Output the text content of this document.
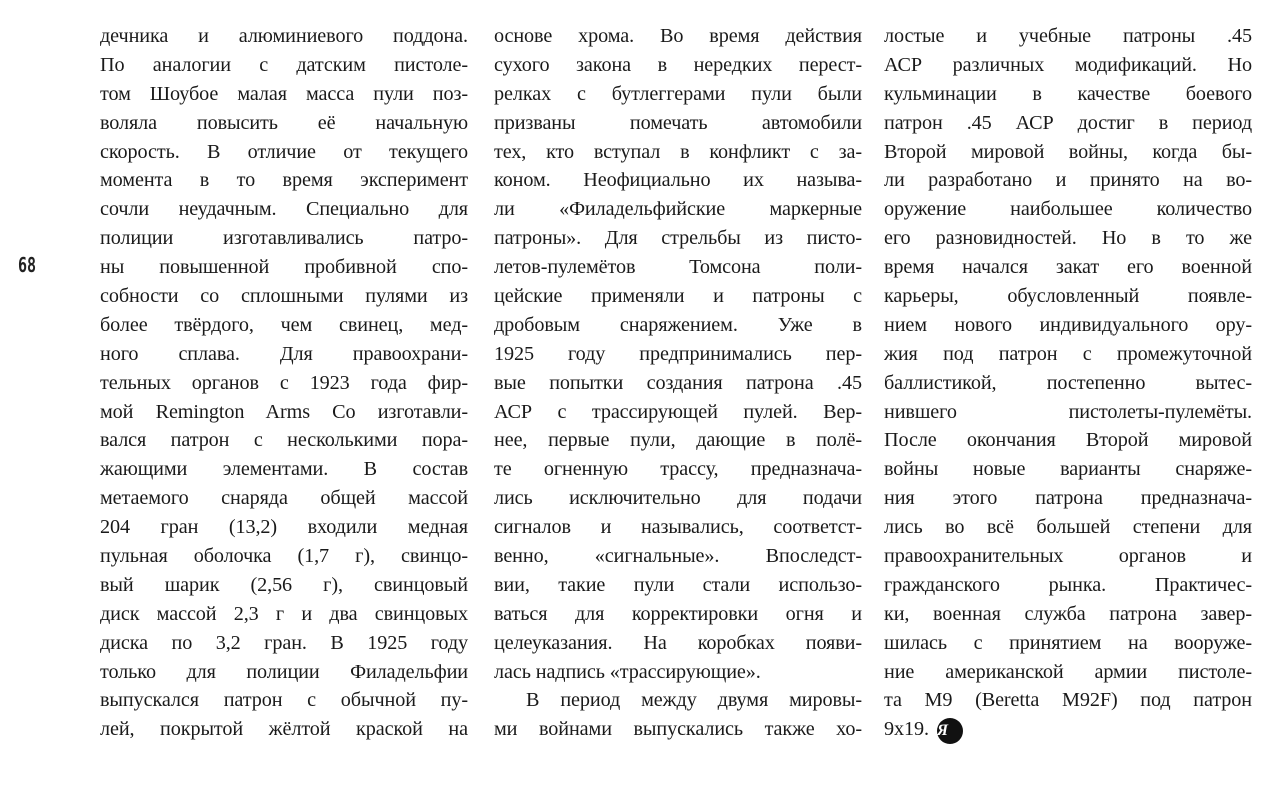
68
дечника и алюминиевого поддона.
По аналогии с датским пистоле-
том Шоубое малая масса пули поз-
воляла повысить её начальную
скорость. В отличие от текущего
момента в то время эксперимент
сочли неудачным. Специально для
полиции изготавливались патро-
ны повышенной пробивной спо-
собности со сплошными пулями из
более твёрдого, чем свинец, мед-
ного сплава. Для правоохрани-
тельных органов с 1923 года фир-
мой Remington Arms Co изготавли-
вался патрон с несколькими пора-
жающими элементами. В состав
метаемого снаряда общей массой
204 гран (13,2) входили медная
пульная оболочка (1,7 г), свинцо-
вый шарик (2,56 г), свинцовый
диск массой 2,3 г и два свинцовых
диска по 3,2 гран. В 1925 году
только для полиции Филадельфии
выпускался патрон с обычной пу-
лей, покрытой жёлтой краской на
основе хрома. Во время действия
сухого закона в нередких перест-
релках с бутлеггерами пули были
призваны помечать автомобили
тех, кто вступал в конфликт с за-
коном. Неофициально их называ-
ли «Филадельфийские маркерные
патроны». Для стрельбы из писто-
летов-пулемётов Томсона поли-
цейские применяли и патроны с
дробовым снаряжением. Уже в
1925 году предпринимались пер-
вые попытки создания патрона .45
АСР с трассирующей пулей. Вер-
нее, первые пули, дающие в полё-
те огненную трассу, предназнача-
лись исключительно для подачи
сигналов и назывались, соответст-
венно, «сигнальные». Впоследст-
вии, такие пули стали использо-
ваться для корректировки огня и
целеуказания. На коробках появи-
лась надпись «трассирующие».
В период между двумя мировы-
ми войнами выпускались также хо-
лостые и учебные патроны .45
АСР различных модификаций. Но
кульминации в качестве боевого
патрон .45 АСР достиг в период
Второй мировой войны, когда бы-
ли разработано и принято на во-
оружение наибольшее количество
его разновидностей. Но в то же
время начался закат его военной
карьеры, обусловленный появле-
нием нового индивидуального ору-
жия под патрон с промежуточной
баллистикой, постепенно вытес-
нившего пистолеты-пулемёты.
После окончания Второй мировой
войны новые варианты снаряже-
ния этого патрона предназнача-
лись во всё большей степени для
правоохранительных органов и
гражданского рынка. Практичес-
ки, военная служба патрона завер-
шилась с принятием на вооруже-
ние американской армии пистоле-
та M9 (Beretta M92F) под патрон
9x19. Я
